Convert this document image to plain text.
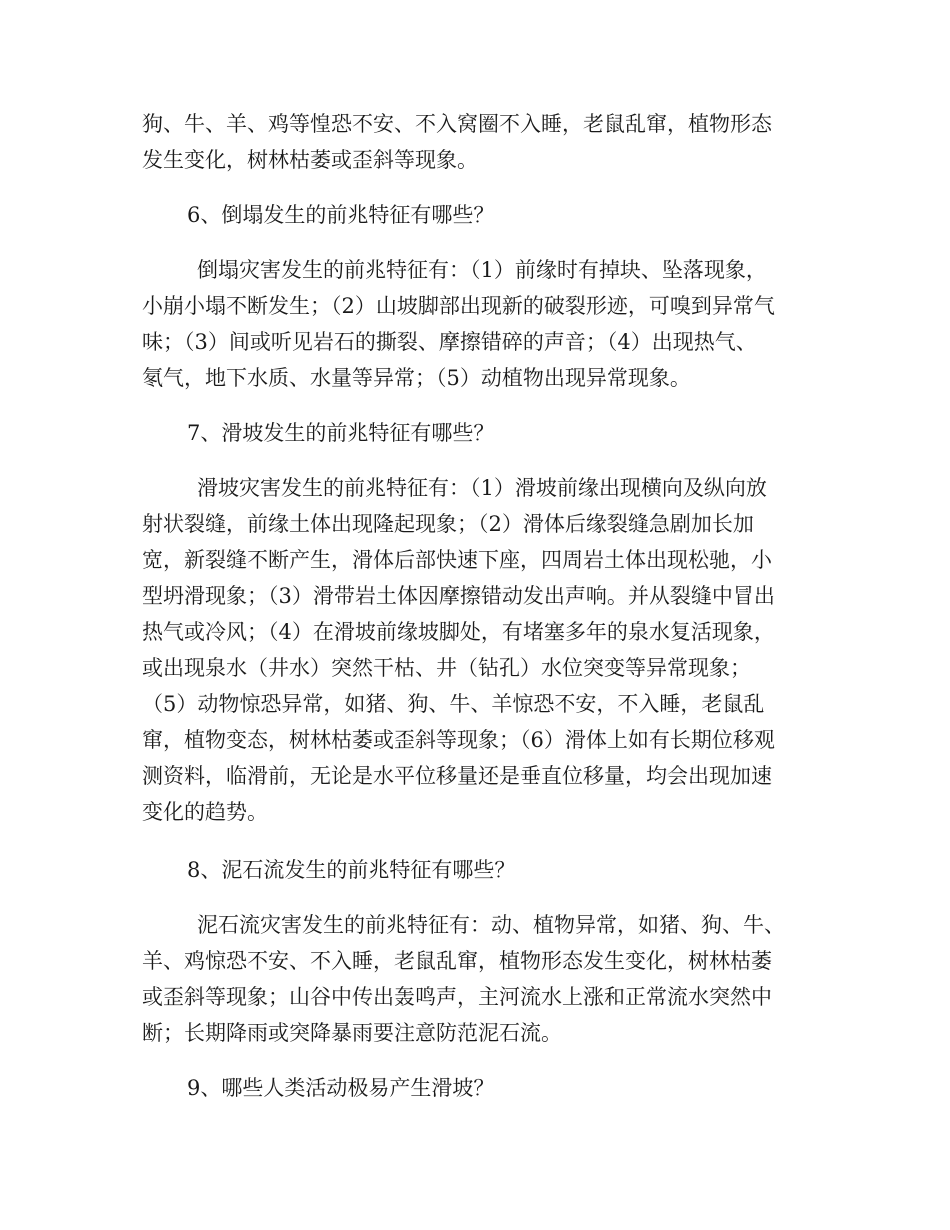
狗、牛、羊、鸡等惶恐不安、不入窝圈不入睡，老鼠乱窜，植物形态
发生变化，树林枯萎或歪斜等现象。
6、倒塌发生的前兆特征有哪些？
倒塌灾害发生的前兆特征有：（1）前缘时有掉块、坠落现象，
小崩小塌不断发生；（2）山坡脚部出现新的破裂形迹，可嗅到异常气
味；（3）间或听见岩石的撕裂、摩擦错碎的声音；（4）出现热气、
氡气，地下水质、水量等异常；（5）动植物出现异常现象。
7、滑坡发生的前兆特征有哪些？
滑坡灾害发生的前兆特征有：（1）滑坡前缘出现横向及纵向放
射状裂缝，前缘土体出现隆起现象；（2）滑体后缘裂缝急剧加长加
宽，新裂缝不断产生，滑体后部快速下座，四周岩土体出现松驰，小
型坍滑现象；（3）滑带岩土体因摩擦错动发出声响。并从裂缝中冒出
热气或冷风；（4）在滑坡前缘坡脚处，有堵塞多年的泉水复活现象，
或出现泉水（井水）突然干枯、井（钻孔）水位突变等异常现象；
（5）动物惊恐异常，如猪、狗、牛、羊惊恐不安，不入睡，老鼠乱
窜，植物变态，树林枯萎或歪斜等现象；（6）滑体上如有长期位移观
测资料，临滑前，无论是水平位移量还是垂直位移量，均会出现加速
变化的趋势。
8、泥石流发生的前兆特征有哪些？
泥石流灾害发生的前兆特征有：动、植物异常，如猪、狗、牛、
羊、鸡惊恐不安、不入睡，老鼠乱窜，植物形态发生变化，树林枯萎
或歪斜等现象；山谷中传出轰鸣声，主河流水上涨和正常流水突然中
断；长期降雨或突降暴雨要注意防范泥石流。
9、哪些人类活动极易产生滑坡？
